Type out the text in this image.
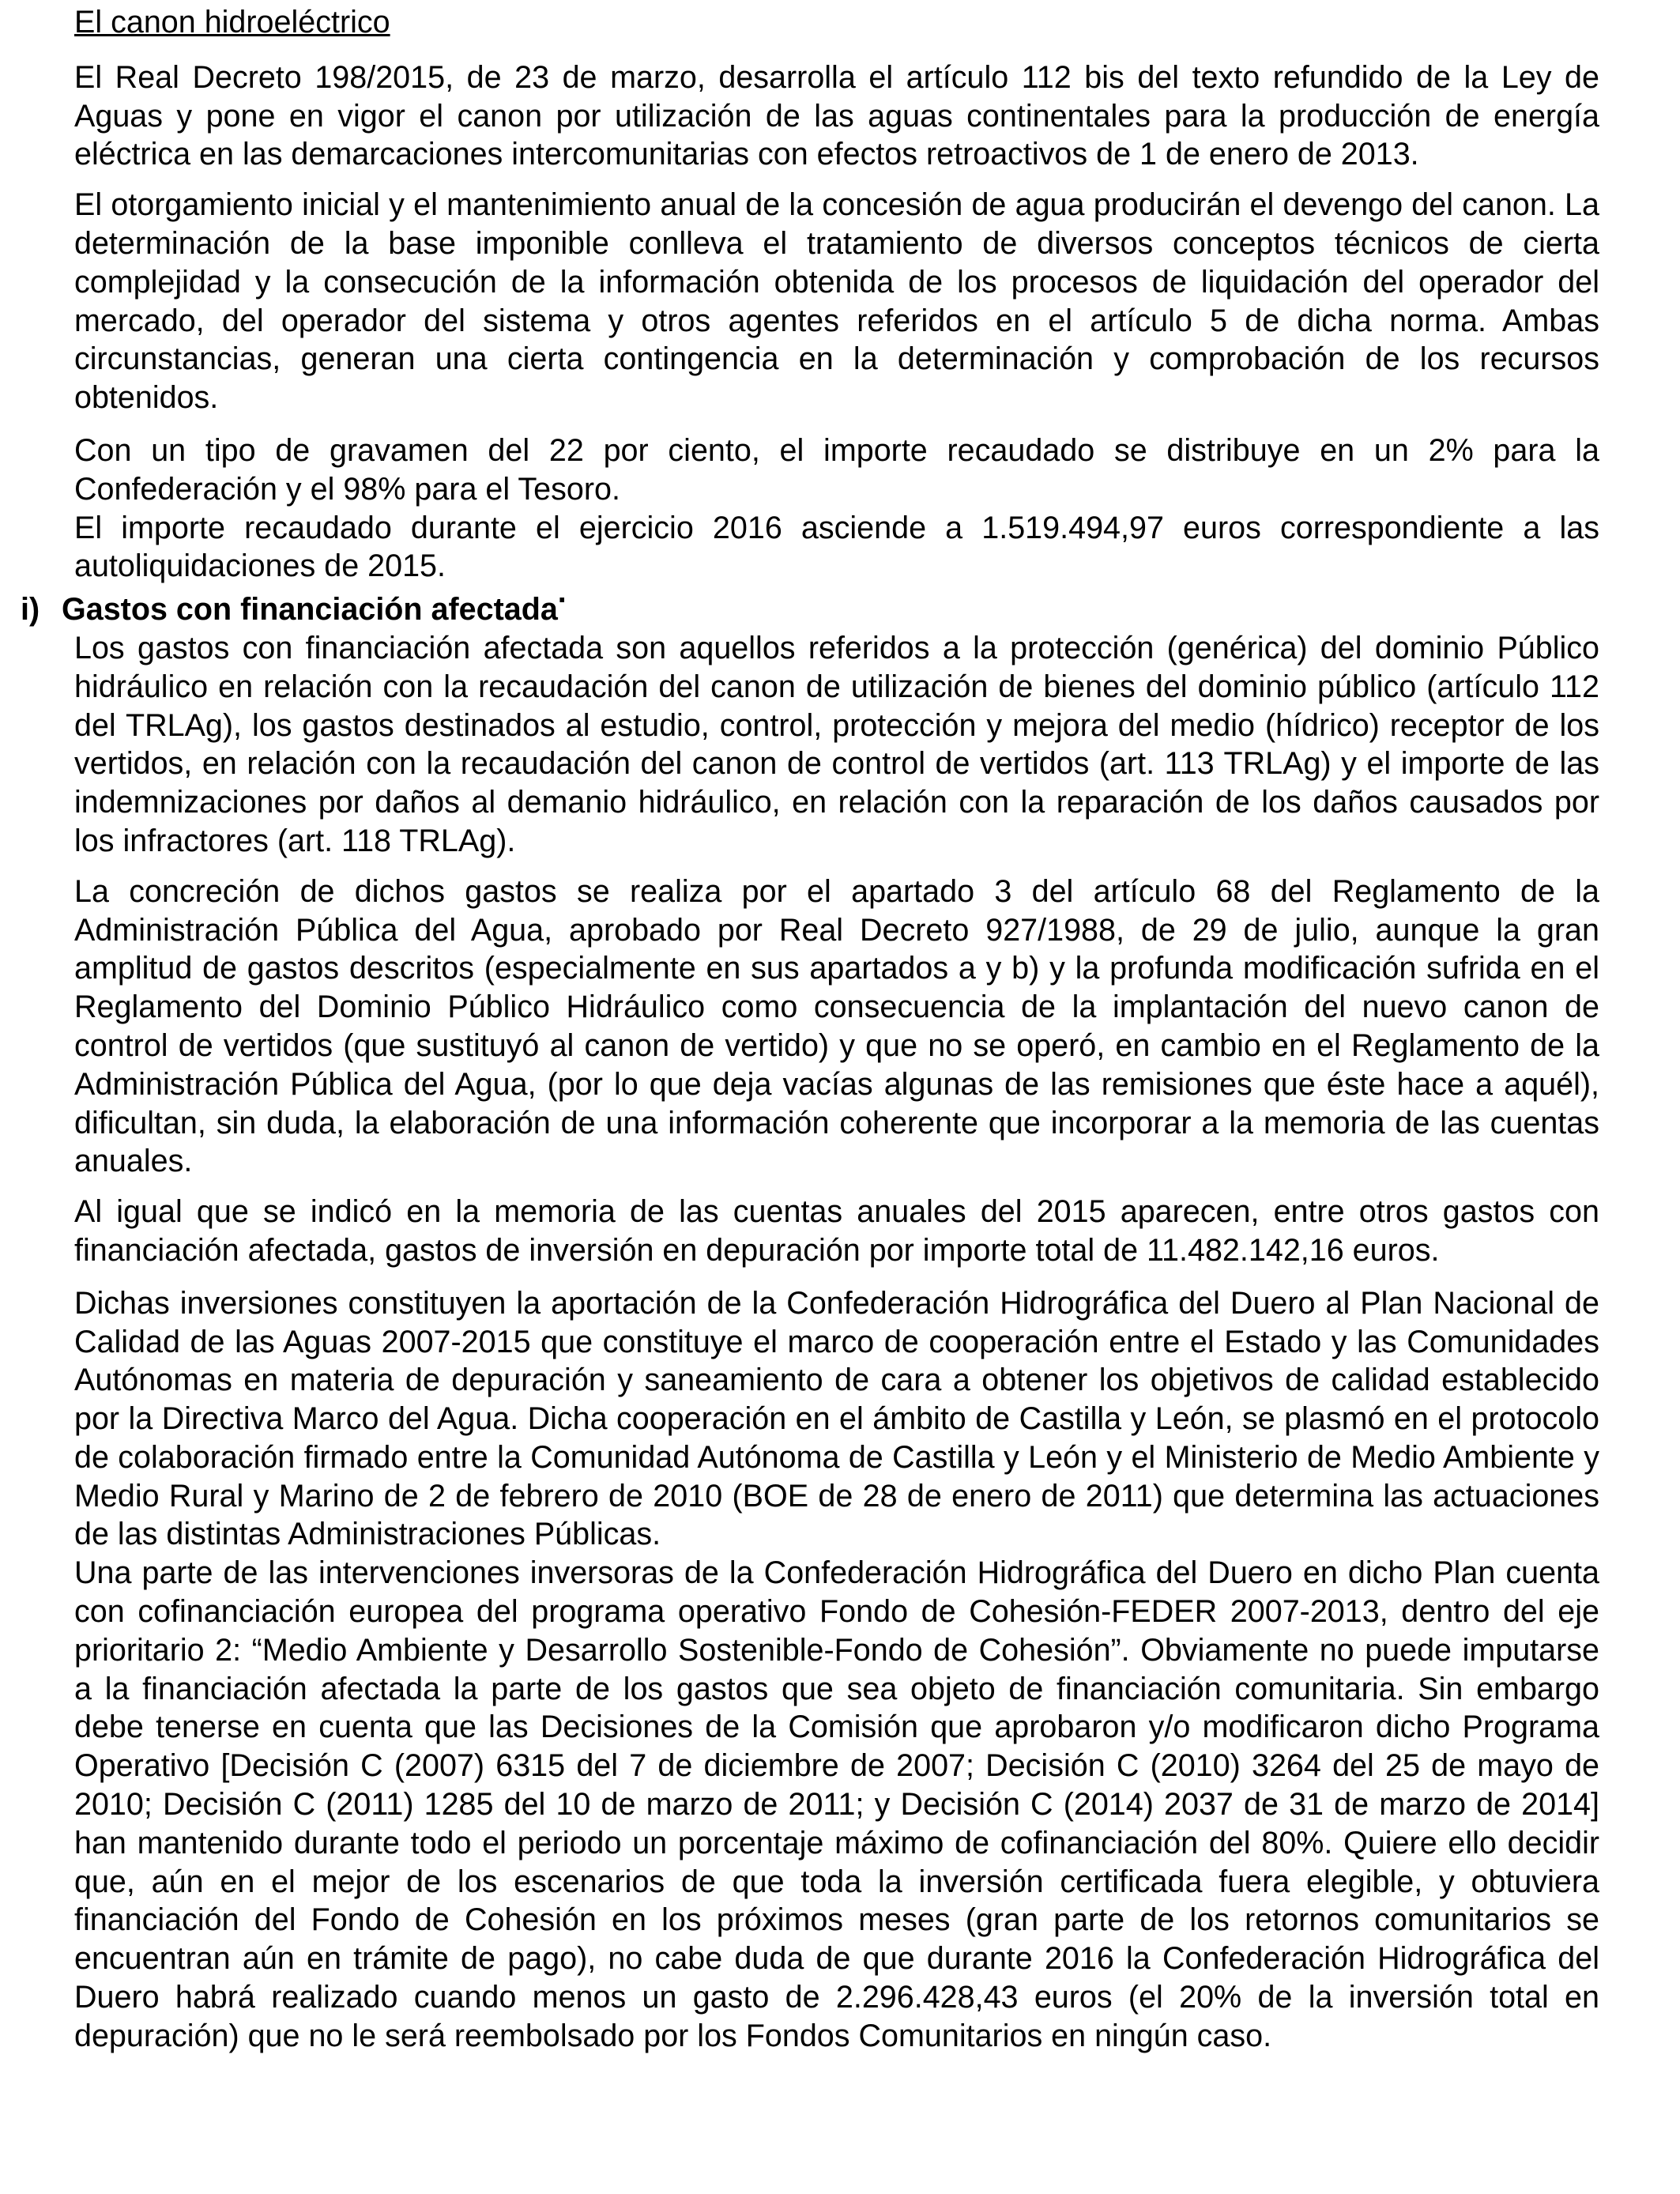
El canon hidroeléctrico

El Real Decreto 198/2015, de 23 de marzo, desarrolla el artículo 112 bis del texto refundido de la Ley de Aguas y pone en vigor el canon por utilización de las aguas continentales para la producción de energía eléctrica en las demarcaciones intercomunitarias con efectos retroactivos de 1 de enero de 2013.

El otorgamiento inicial y el mantenimiento anual de la concesión de agua producirán el devengo del canon. La determinación de la base imponible conlleva el tratamiento de diversos conceptos técnicos de cierta complejidad y la consecución de la información obtenida de los procesos de liquidación del operador del mercado, del operador del sistema y otros agentes referidos en el artículo 5 de dicha norma. Ambas circunstancias, generan una cierta contingencia en la determinación y comprobación de los recursos obtenidos.

Con un tipo de gravamen del 22 por ciento, el importe recaudado se distribuye en un 2% para la Confederación y el 98% para el Tesoro.

El importe recaudado durante el ejercicio 2016 asciende a 1.519.494,97 euros correspondiente a las autoliquidaciones de 2015.

i) Gastos con financiación afectada.

Los gastos con financiación afectada son aquellos referidos a la protección (genérica) del dominio Público hidráulico en relación con la recaudación del canon de utilización de bienes del dominio público (artículo 112 del TRLAg), los gastos destinados al estudio, control, protección y mejora del medio (hídrico) receptor de los vertidos, en relación con la recaudación del canon de control de vertidos (art. 113 TRLAg) y el importe de las indemnizaciones por daños al demanio hidráulico, en relación con la reparación de los daños causados por los infractores (art. 118 TRLAg).

La concreción de dichos gastos se realiza por el apartado 3 del artículo 68 del Reglamento de la Administración Pública del Agua, aprobado por Real Decreto 927/1988, de 29 de julio, aunque la gran amplitud de gastos descritos (especialmente en sus apartados a y b) y la profunda modificación sufrida en el Reglamento del Dominio Público Hidráulico como consecuencia de la implantación del nuevo canon de control de vertidos (que sustituyó al canon de vertido) y que no se operó, en cambio en el Reglamento de la Administración Pública del Agua, (por lo que deja vacías algunas de las remisiones que éste hace a aquél), dificultan, sin duda, la elaboración de una información coherente que incorporar a la memoria de las cuentas anuales.

Al igual que se indicó en la memoria de las cuentas anuales del 2015 aparecen, entre otros gastos con financiación afectada, gastos de inversión en depuración por importe total de 11.482.142,16 euros.

Dichas inversiones constituyen la aportación de la Confederación Hidrográfica del Duero al Plan Nacional de Calidad de las Aguas 2007-2015 que constituye el marco de cooperación entre el Estado y las Comunidades Autónomas en materia de depuración y saneamiento de cara a obtener los objetivos de calidad establecido por la Directiva Marco del Agua. Dicha cooperación en el ámbito de Castilla y León, se plasmó en el protocolo de colaboración firmado entre la Comunidad Autónoma de Castilla y León y el Ministerio de Medio Ambiente y Medio Rural y Marino de 2 de febrero de 2010 (BOE de 28 de enero de 2011) que determina las actuaciones de las distintas Administraciones Públicas.

Una parte de las intervenciones inversoras de la Confederación Hidrográfica del Duero en dicho Plan cuenta con cofinanciación europea del programa operativo Fondo de Cohesión-FEDER 2007-2013, dentro del eje prioritario 2: “Medio Ambiente y Desarrollo Sostenible-Fondo de Cohesión”. Obviamente no puede imputarse a la financiación afectada la parte de los gastos que sea objeto de financiación comunitaria. Sin embargo debe tenerse en cuenta que las Decisiones de la Comisión que aprobaron y/o modificaron dicho Programa Operativo [Decisión C (2007) 6315 del 7 de diciembre de 2007; Decisión C (2010) 3264 del 25 de mayo de 2010; Decisión C (2011) 1285 del 10 de marzo de 2011; y Decisión C (2014) 2037 de 31 de marzo de 2014] han mantenido durante todo el periodo un porcentaje máximo de cofinanciación del 80%. Quiere ello decidir que, aún en el mejor de los escenarios de que toda la inversión certificada fuera elegible, y obtuviera financiación del Fondo de Cohesión en los próximos meses (gran parte de los retornos comunitarios se encuentran aún en trámite de pago), no cabe duda de que durante 2016 la Confederación Hidrográfica del Duero habrá realizado cuando menos un gasto de 2.296.428,43 euros (el 20% de la inversión total en depuración) que no le será reembolsado por los Fondos Comunitarios en ningún caso.
